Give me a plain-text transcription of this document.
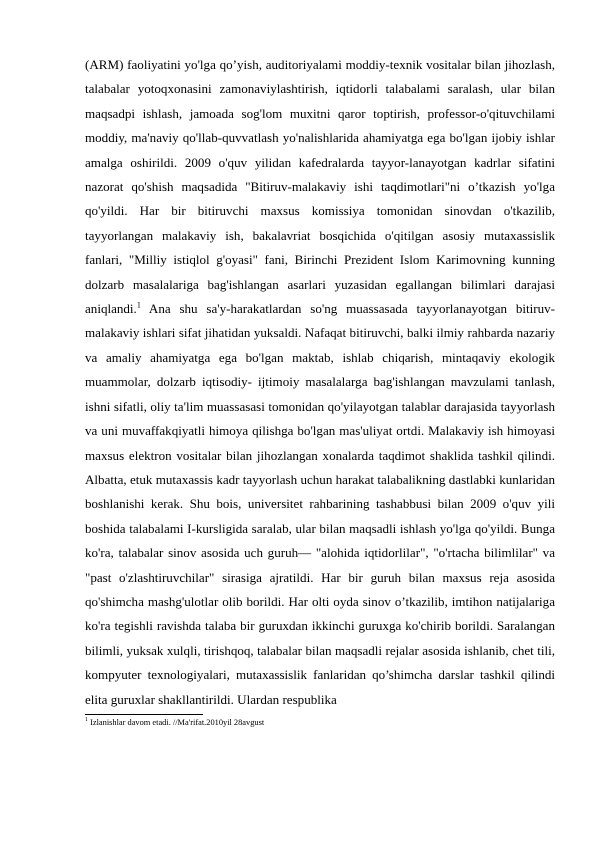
(ARM) faoliyatini yo'lga qo’yish, auditoriyalami moddiy-texnik vositalar bilan jihozlash, talabalar yotoqxonasini zamonaviylashtirish, iqtidorli talabalami saralash, ular bilan maqsadpi ishlash, jamoada sog'lom muxitni qaror toptirish, professor-o'qituvchilami moddiy, ma'naviy qo'llab-quvvatlash yo'nalishlarida ahamiyatga ega bo'lgan ijobiy ishlar amalga oshirildi. 2009 o'quv yilidan kafedralarda tayyor-lanayotgan kadrlar sifatini nazorat qo'shish maqsadida "Bitiruv-malakaviy ishi taqdimotlari"ni o’tkazish yo'lga qo'yildi. Har bir bitiruvchi maxsus komissiya tomonidan sinovdan o'tkazilib, tayyorlangan malakaviy ish, bakalavriat bosqichida o'qitilgan asosiy mutaxassislik fanlari, "Milliy istiqlol g'oyasi" fani, Birinchi Prezident Islom Karimovning kunning dolzarb masalalariga bag'ishlangan asarlari yuzasidan egallangan bilimlari darajasi aniqlandi.$^1$ Ana shu sa'y-harakatlardan so'ng muassasada tayyorlanayotgan bitiruv-malakaviy ishlari sifat jihatidan yuksaldi. Nafaqat bitiruvchi, balki ilmiy rahbarda nazariy va amaliy ahamiyatga ega bo'lgan maktab, ishlab chiqarish, mintaqaviy ekologik muammolar, dolzarb iqtisodiy- ijtimoiy masalalarga bag'ishlangan mavzulami tanlash, ishni sifatli, oliy ta'lim muassasasi tomonidan qo'yilayotgan talablar darajasida tayyorlash va uni muvaffakqiyatli himoya qilishga bo'lgan mas'uliyat ortdi. Malakaviy ish himoyasi maxsus elektron vositalar bilan jihozlangan xonalarda taqdimot shaklida tashkil qilindi. Albatta, etuk mutaxassis kadr tayyorlash uchun harakat talabalikning dastlabki kunlaridan boshlanishi kerak. Shu bois, universitet rahbarining tashabbusi bilan 2009 o'quv yili boshida talabalami I-kursligida saralab, ular bilan maqsadli ishlash yo'lga qo'yildi. Bunga ko'ra, talabalar sinov asosida uch guruh— "alohida iqtidorlilar", "o'rtacha bilimlilar" va "past o'zlashtiruvchilar" sirasiga ajratildi. Har bir guruh bilan maxsus reja asosida qo'shimcha mashg'ulotlar olib borildi. Har olti oyda sinov o’tkazilib, imtihon natijalariga ko'ra tegishli ravishda talaba bir guruxdan ikkinchi guruxga ko'chirib borildi. Saralangan bilimli, yuksak xulqli, tirishqoq, talabalar bilan maqsadli rejalar asosida ishlanib, chet tili, kompyuter texnologiyalari, mutaxassislik fanlaridan qo’shimcha darslar tashkil qilindi elita guruxlar shakllantirildi. Ulardan respublika

$^1$ Izlanishlar davom etadi. //Ma'rifat.2010yil 28avgust
